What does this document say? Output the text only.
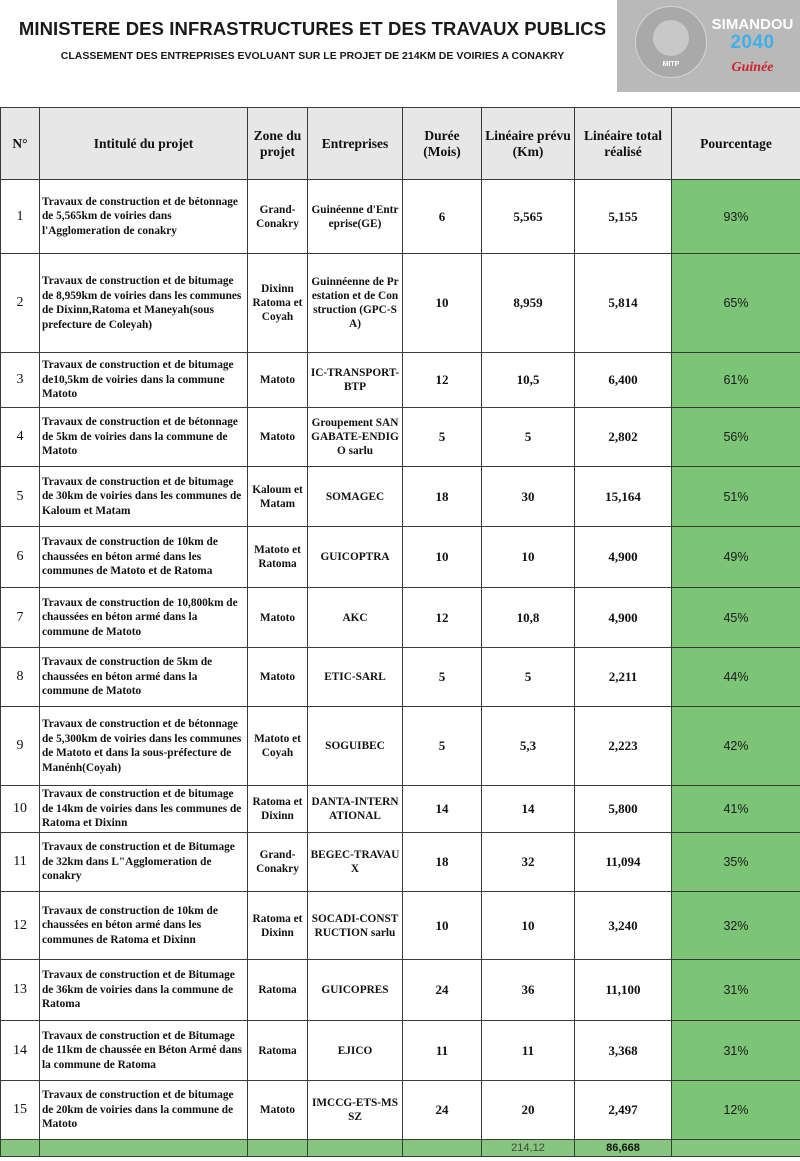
MINISTERE DES INFRASTRUCTURES ET DES TRAVAUX PUBLICS
CLASSEMENT DES ENTREPRISES EVOLUANT SUR LE PROJET DE 214KM DE VOIRIES A CONAKRY
MITP
SIMANDOU
2040
Guinée
N°	Intitulé du projet	Zone du projet	Entreprises	Durée (Mois)	Linéaire prévu (Km)	Linéaire total réalisé	Pourcentage
1	Travaux de construction et de bétonnage de 5,565km de voiries dans l'Agglomeration de conakry	Grand-Conakry	Guinéenne d'Entreprise(GE)	6	5,565	5,155	93%
2	Travaux de construction et de bitumage de 8,959km de voiries dans les communes de Dixinn,Ratoma et Maneyah(sous prefecture de Coleyah)	Dixinn Ratoma et Coyah	Guinnéenne de Prestation et de Construction (GPC-SA)	10	8,959	5,814	65%
3	Travaux de construction et de bitumage de10,5km de voiries dans la commune Matoto	Matoto	IC-TRANSPORT-BTP	12	10,5	6,400	61%
4	Travaux de construction et de bétonnage de 5km de voiries dans la commune de Matoto	Matoto	Groupement SANGABATE-ENDIGO sarlu	5	5	2,802	56%
5	Travaux de construction et de bitumage de 30km de voiries dans les communes de Kaloum et Matam	Kaloum et Matam	SOMAGEC	18	30	15,164	51%
6	Travaux de construction de 10km de chaussées en béton armé dans les communes de Matoto et de Ratoma	Matoto et Ratoma	GUICOPTRA	10	10	4,900	49%
7	Travaux de construction de 10,800km de chaussées en béton armé dans la commune de Matoto	Matoto	AKC	12	10,8	4,900	45%
8	Travaux de construction de 5km de chaussées en béton armé dans la commune de Matoto	Matoto	ETIC-SARL	5	5	2,211	44%
9	Travaux de construction et de bétonnage de 5,300km de voiries dans les communes de Matoto et dans la sous-préfecture de Manénh(Coyah)	Matoto et Coyah	SOGUIBEC	5	5,3	2,223	42%
10	Travaux de construction et de bitumage de 14km de voiries dans les communes de Ratoma et Dixinn	Ratoma et Dixinn	DANTA-INTERNATIONAL	14	14	5,800	41%
11	Travaux de construction et de Bitumage de 32km dans L"Agglomeration de conakry	Grand-Conakry	BEGEC-TRAVAUX	18	32	11,094	35%
12	Travaux de construction de 10km de chaussées en béton armé dans les communes de Ratoma et Dixinn	Ratoma et Dixinn	SOCADI-CONSTRUCTION sarlu	10	10	3,240	32%
13	Travaux de construction et de Bitumage de 36km de voiries dans la commune de Ratoma	Ratoma	GUICOPRES	24	36	11,100	31%
14	Travaux de construction et de Bitumage de 11km de chaussée en Béton Armé dans la commune de Ratoma	Ratoma	EJICO	11	11	3,368	31%
15	Travaux de construction et de bitumage de 20km de voiries dans la commune de Matoto	Matoto	IMCCG-ETS-MSSZ	24	20	2,497	12%
					214,12	86,668	
